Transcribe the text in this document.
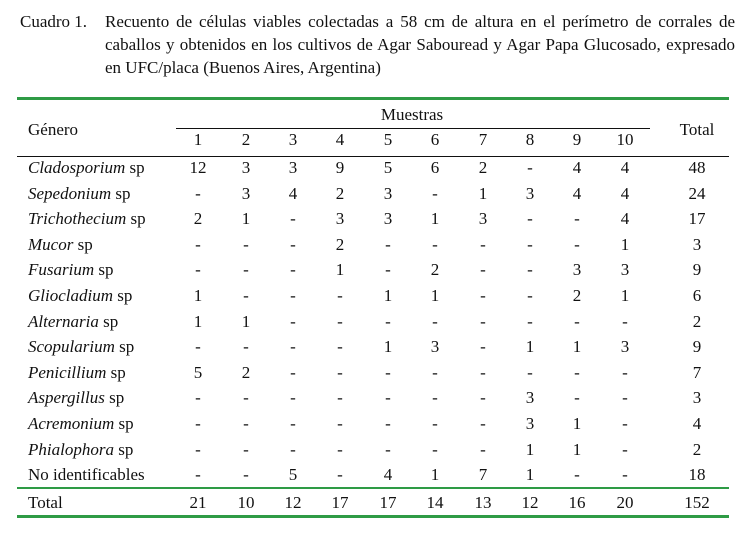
Cuadro 1. Recuento de células viables colectadas a 58 cm de altura en el perímetro de corrales de caballos y obtenidos en los cultivos de Agar Sabouread y Agar Papa Glucosado, expresado en UFC/placa (Buenos Aires, Argentina)
Género
Muestras
Total
1 2 3 4 5 6 7 8 9 10
Cladosporium sp	12 3 3 9 5 6 2 - 4 4	48
Sepedonium sp	- 3 4 2 3 - 1 3 4 4	24
Trichothecium sp	2 1 - 3 3 1 3 - - 4	17
Mucor sp	- - - 2 - - - - - 1	3
Fusarium sp	- - - 1 - 2 - - 3 3	9
Gliocladium sp	1 - - - 1 1 - - 2 1	6
Alternaria sp	1 1 - - - - - - - -	2
Scopularium sp	- - - - 1 3 - 1 1 3	9
Penicillium sp	5 2 - - - - - - - -	7
Aspergillus sp	- - - - - - - 3 - -	3
Acremonium sp	- - - - - - - 3 1 -	4
Phialophora sp	- - - - - - - 1 1 -	2
No identificables	- - 5 - 4 1 7 1 - -	18
Total	21 10 12 17 17 14 13 12 16 20	152
